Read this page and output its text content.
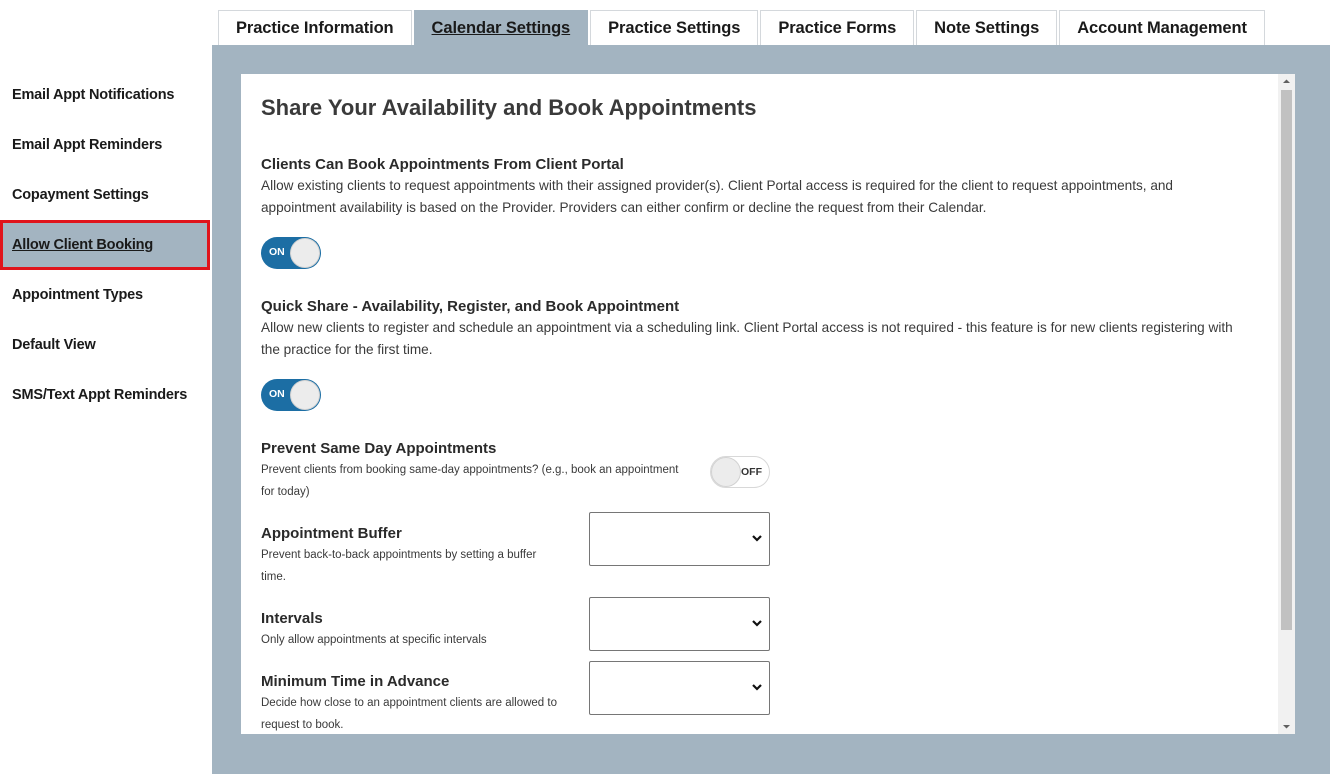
Practice Information	Calendar Settings	Practice Settings	Practice Forms	Note Settings	Account Management
Email Appt Notifications
Email Appt Reminders
Copayment Settings
Allow Client Booking
Appointment Types
Default View
SMS/Text Appt Reminders
Share Your Availability and Book Appointments
Clients Can Book Appointments From Client Portal
Allow existing clients to request appointments with their assigned provider(s). Client Portal access is required for the client to request appointments, and
appointment availability is based on the Provider. Providers can either confirm or decline the request from their Calendar.
ON
Quick Share - Availability, Register, and Book Appointment
Allow new clients to register and schedule an appointment via a scheduling link. Client Portal access is not required - this feature is for new clients registering with
the practice for the first time.
ON
Prevent Same Day Appointments
Prevent clients from booking same-day appointments? (e.g., book an appointment
for today)
OFF
Appointment Buffer
Prevent back-to-back appointments by setting a buffer
time.
Intervals
Only allow appointments at specific intervals
Minimum Time in Advance
Decide how close to an appointment clients are allowed to
request to book.
